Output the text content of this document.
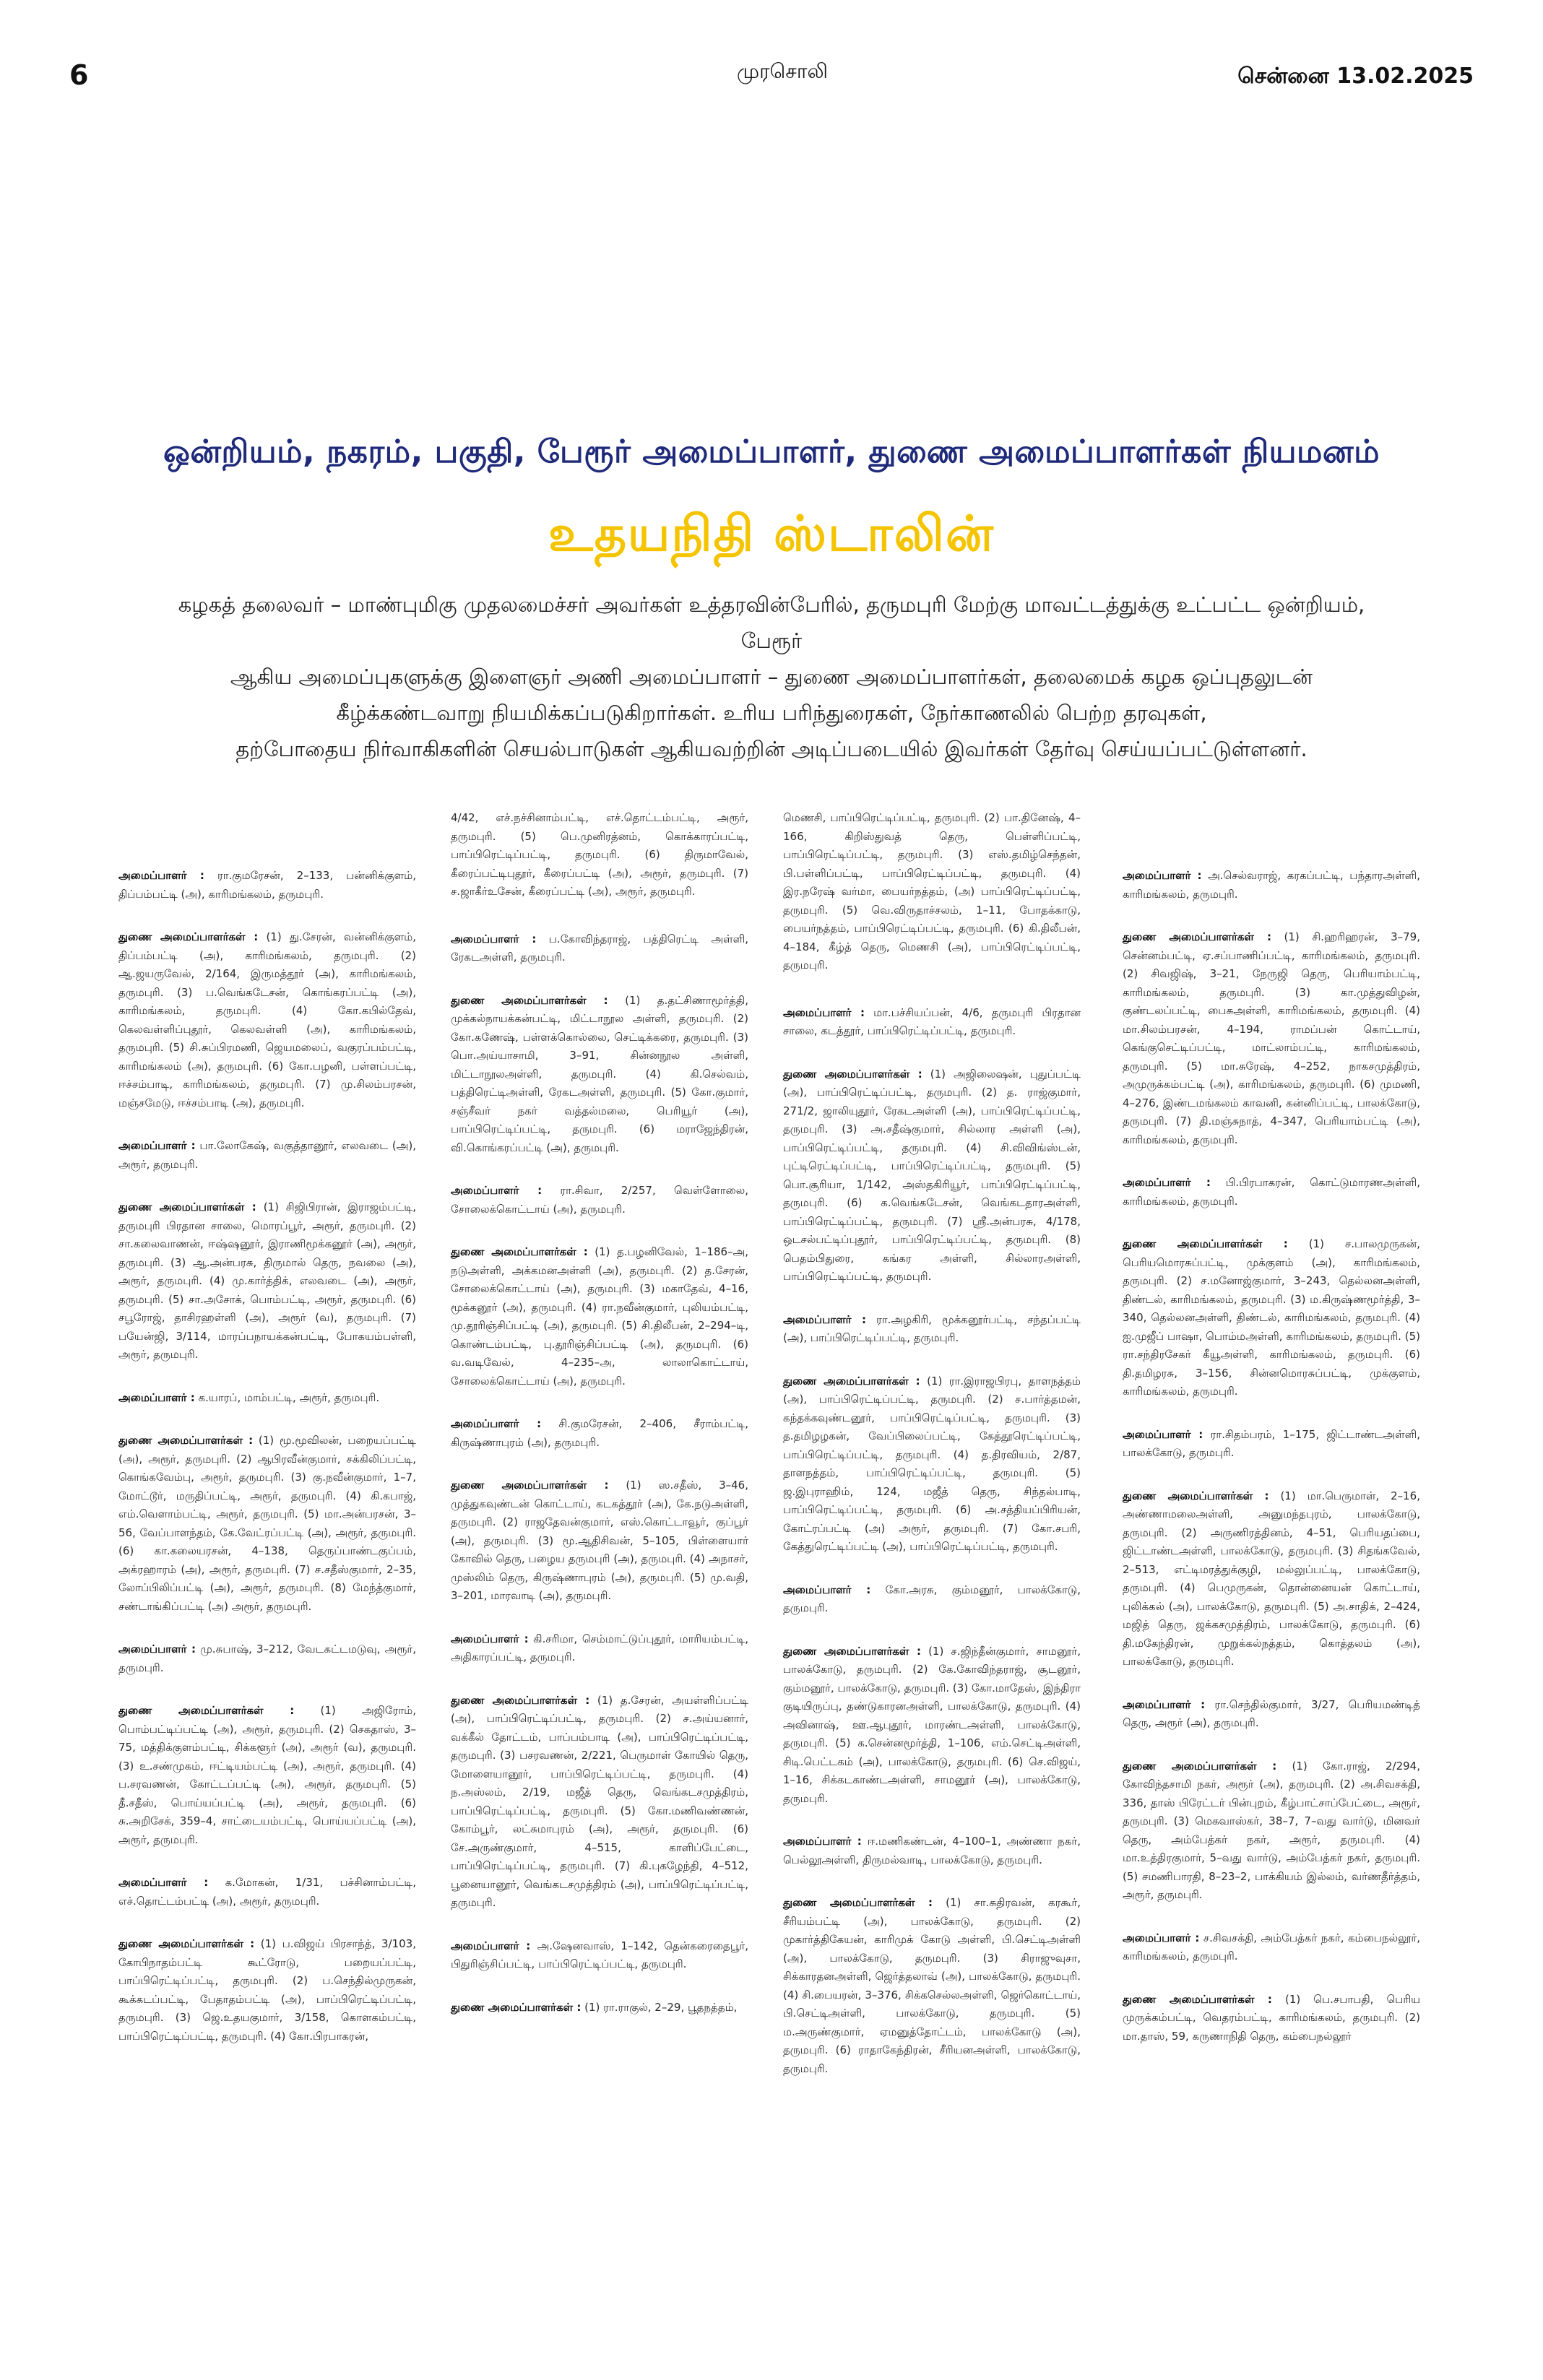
6	முரசொலி	சென்னை 13.02.2025
ஒன்றியம், நகரம், பகுதி, பேரூர் அமைப்பாளர், துணை அமைப்பாளர்கள் நியமனம்
உதயநிதி ஸ்டாலின்
கழகத் தலைவர் – மாண்புமிகு முதலமைச்சர் அவர்கள் உத்தரவின்பேரில், தருமபுரி மேற்கு மாவட்டத்துக்கு உட்பட்ட ஒன்றியம், பேரூர்
ஆகிய அமைப்புகளுக்கு இளைஞர் அணி அமைப்பாளர் – துணை அமைப்பாளர்கள், தலைமைக் கழக ஒப்புதலுடன்
கீழ்க்கண்டவாறு நியமிக்கப்படுகிறார்கள். உரிய பரிந்துரைகள், நேர்காணலில் பெற்ற தரவுகள்,
தற்போதைய நிர்வாகிகளின் செயல்பாடுகள் ஆகியவற்றின் அடிப்படையில் இவர்கள் தேர்வு செய்யப்பட்டுள்ளனர்.

அமைப்பாளர் : ரா.குமரேசன், 2–133, பன்னிக்குளம், திப்பம்பட்டி (அ), காரிமங்கலம், தருமபுரி.

துணை அமைப்பாளர்கள் : (1) து.சேரன், வன்னிக்குளம், திப்பம்பட்டி (அ), காரிமங்கலம், தருமபுரி. (2) ஆ.ஜயருவேல், 2/164, இருமத்தூர் (அ), காரிமங்கலம், தருமபுரி. (3) ப.வெங்கடேசன், கொங்கரப்பட்டி (அ), காரிமங்கலம், தருமபுரி. (4) கோ.கபில்தேவ், கெலவள்ளிப்புதூர், கெலவள்ளி (அ), காரிமங்கலம், தருமபுரி. (5) சி.சுப்பிரமணி, ஜெயமலைப், வகுரப்பம்பட்டி, காரிமங்கலம் (அ), தருமபுரி. (6) கோ.பழனி, பள்ளப்பட்டி, ஈச்சம்பாடி, காரிமங்கலம், தருமபுரி. (7) மு.சிலம்பரசன், மஞ்சமேடு, ஈச்சம்பாடி (அ), தருமபுரி.

அமைப்பாளர் : பா.லோகேஷ், வகுத்தானூர், எலவடை (அ), அரூர், தருமபுரி.

துணை அமைப்பாளர்கள் : (1) சிஜிபிரான், இராஜம்பட்டி, தருமபுரி பிரதான சாலை, மொரப்பூர், அரூர், தருமபுரி. (2) சா.கலைவாணன், ஈஷ்ஷனூர், இராணிமூக்கனூர் (அ), அரூர், தருமபுரி. (3) ஆ.அன்பரசு, திருமால் தெரு, நவலை (அ), அரூர், தருமபுரி. (4) மு.கார்த்திக், எலவடை (அ), அரூர், தருமபுரி. (5) சா.அசோக், பொம்பட்டி, அரூர், தருமபுரி. (6) சபூரோஜ், தாசிரஹள்ளி (அ), அரூர் (வ), தருமபுரி. (7) பயேன்ஜி, 3/114, மாரப்பநாயக்கன்பட்டி, போகயம்பள்ளி, அரூர், தருமபுரி.

அமைப்பாளர் : க.யாரப், மாம்பட்டி, அரூர், தருமபுரி.

துணை அமைப்பாளர்கள் : (1) மூ.மூவிலன், பறையப்பட்டி (அ), அரூர், தருமபுரி. (2) ஆபிரவீன்குமார், சக்கிலிப்பட்டி, கொங்கவேம்பு, அரூர், தருமபுரி. (3) கு.நவீன்குமார், 1–7, மோட்டூர், மருதிப்பட்டி, அரூர், தருமபுரி. (4) கி.கபாஜ், எம்.வெளாம்பட்டி, அரூர், தருமபுரி. (5) மா.அன்பரசன், 3–56, வேப்பாளந்தம், கே.வேட்ரப்பட்டி (அ), அரூர், தருமபுரி. (6) கா.கலையரசன், 4–138, தெருப்பாண்டகுப்பம், அக்ரஹாரம் (அ), அரூர், தருமபுரி. (7) ச.சதீஸ்குமார், 2–35, லோப்பிலிப்பட்டி (அ), அரூர், தருமபுரி. (8) மேந்த்குமார், சண்டாங்கிப்பட்டி (அ) அரூர், தருமபுரி.

அமைப்பாளர் : மு.சுபாஷ், 3–212, வேடகட்டமடுவு, அரூர், தருமபுரி.

துணை அமைப்பாளர்கள் : (1) அஜிரோம், பொம்பட்டிப்பட்டி (அ), அரூர், தருமபுரி. (2) செகதாஸ், 3–75, மத்திக்குளம்பட்டி, சிக்களூர் (அ), அரூர் (வ), தருமபுரி. (3) உ.சண்முகம், ஈட்டியம்பட்டி (அ), அரூர், தருமபுரி. (4) ப.சரவணன், கோட்டப்பட்டி (அ), அரூர், தருமபுரி. (5) தீ.சதீஸ், பொய்யப்பட்டி (அ), அரூர், தருமபுரி. (6) சு.அறிசேக், 359–4, சாட்டையம்பட்டி, பொய்யப்பட்டி (அ), அரூர், தருமபுரி.

அமைப்பாளர் : க.மோகன், 1/31, பச்சினாம்பட்டி, எச்.தொட்டம்பட்டி (அ), அரூர், தருமபுரி.

துணை அமைப்பாளர்கள் : (1) ப.விஜய் பிரசாந்த், 3/103, கோபிநாதம்பட்டி கூட்ரோடு, பறையப்பட்டி, பாப்பிரெட்டிப்பட்டி, தருமபுரி. (2) ப.செந்தில்முருகன், கூக்கடப்பட்டி, பேதாதம்பட்டி (அ), பாப்பிரெட்டிப்பட்டி, தருமபுரி. (3) ஜெ.உதயகுமார், 3/158, கொளகம்பட்டி, பாப்பிரெட்டிப்பட்டி, தருமபுரி. (4) கோ.பிரபாகரன்,

4/42, எச்.நச்சினாம்பட்டி, எச்.தொட்டம்பட்டி, அரூர், தருமபுரி. (5) பெ.முனிரத்னம், கொக்காரப்பட்டி, பாப்பிரெட்டிப்பட்டி, தருமபுரி. (6) திருமாவேல், கீரைப்பட்டிபுதூர், கீரைப்பட்டி (அ), அரூர், தருமபுரி. (7) ச.ஜாகீர்உசேன், கீரைப்பட்டி (அ), அரூர், தருமபுரி.

அமைப்பாளர் : ப.கோவிந்தராஜ், பத்திரெட்டி அள்ளி, ரேகடஅள்ளி, தருமபுரி.

துணை அமைப்பாளர்கள் : (1) த.தட்சிணாமூர்த்தி, முக்கல்நாயக்கன்பட்டி, மிட்டாநூல அள்ளி, தருமபுரி. (2) கோ.கணேஷ், பள்ளக்கொல்லை, செட்டிக்கரை, தருமபுரி. (3) பொ.அய்யாசாமி, 3–91, சின்னநூல அள்ளி, மிட்டாநூலஅள்ளி, தருமபுரி. (4) கி.செல்வம், பத்திரெட்டிஅள்ளி, ரேகடஅள்ளி, தருமபுரி. (5) கோ.குமார், சஞ்சீவர் நகர் வத்தல்மலை, பெரியூர் (அ), பாப்பிரெட்டிப்பட்டி, தருமபுரி. (6) மராஜேந்திரன், வி.கொங்கரப்பட்டி (அ), தருமபுரி.

அமைப்பாளர் : ரா.சிவா, 2/257, வெள்ளோலை, சோலைக்கொட்டாய் (அ), தருமபுரி.

துணை அமைப்பாளர்கள் : (1) த.பழனிவேல், 1–186–அ, நடுஅள்ளி, அக்கமனஅள்ளி (அ), தருமபுரி. (2) த.சேரன், சோலைக்கொட்டாய் (அ), தருமபுரி. (3) மகாதேவ், 4–16, மூக்கனூர் (அ), தருமபுரி. (4) ரா.நவீன்குமார், புலியம்பட்டி, மு.தூரிஞ்சிப்பட்டி (அ), தருமபுரி. (5) சி.திலீபன், 2–294–டி, கொண்டம்பட்டி, பு.தூரிஞ்சிப்பட்டி (அ), தருமபுரி. (6) வ.வடிவேல், 4–235–அ, லாலாகொட்டாய், சோலைக்கொட்டாய் (அ), தருமபுரி.

அமைப்பாளர் : சி.குமரேசன், 2–406, சீராம்பட்டி, கிருஷ்ணாபுரம் (அ), தருமபுரி.

துணை அமைப்பாளர்கள் : (1) ஸ.சதீஸ், 3–46, முத்துகவுண்டன் கொட்டாய், கடகத்தூர் (அ), கே.நடுஅள்ளி, தருமபுரி. (2) ராஜதேவன்குமார், எஸ்.கொட்டாவூர், குப்பூர் (அ), தருமபுரி. (3) மூ.ஆதிசிவன், 5–105, பிள்ளையார் கோவில் தெரு, பழைய தருமபுரி (அ), தருமபுரி. (4) அநாசர், முஸ்லிம் தெரு, கிருஷ்ணாபுரம் (அ), தருமபுரி. (5) மு.வதி, 3–201, மாரவாடி (அ), தருமபுரி.

அமைப்பாளர் : கி.சரிமா, செம்மாட்டுப்புதூர், மாரியம்பட்டி, அதிகாரப்பட்டி, தருமபுரி.

துணை அமைப்பாளர்கள் : (1) த.சேரன், அயள்ளிப்பட்டி (அ), பாப்பிரெட்டிப்பட்டி, தருமபுரி. (2) ச.அய்யனார், வக்கீல் தோட்டம், பாப்பம்பாடி (அ), பாப்பிரெட்டிப்பட்டி, தருமபுரி. (3) பசரவணன், 2/221, பெருமாள் கோயில் தெரு, மோளையானூர், பாப்பிரெட்டிப்பட்டி, தருமபுரி. (4) ந.அஸ்லம், 2/19, மஜீத் தெரு, வெங்கடசமுத்திரம், பாப்பிரெட்டிப்பட்டி, தருமபுரி. (5) கோ.மணிவண்ணன், கோம்பூர், லட்சுமாபுரம் (அ), அரூர், தருமபுரி. (6) சே.அருண்குமார், 4–515, காளிப்பேட்டை, பாப்பிரெட்டிப்பட்டி, தருமபுரி. (7) கி.புகழேந்தி, 4–512, பூனையானூர், வெங்கடசமுத்திரம் (அ), பாப்பிரெட்டிப்பட்டி, தருமபுரி.

அமைப்பாளர் : அ.ஷேனவாஸ், 1–142, தென்கரைதைபூர், பிதுரிஞ்சிப்பட்டி, பாப்பிரெட்டிப்பட்டி, தருமபுரி.

துணை அமைப்பாளர்கள் : (1) ரா.ராகுல், 2–29, பூதநத்தம்,

மெணசி, பாப்பிரெட்டிப்பட்டி, தருமபுரி. (2) பா.தினேஷ், 4–166, கிறிஸ்துவத் தெரு, பெள்ளிப்பட்டி, பாப்பிரெட்டிப்பட்டி, தருமபுரி. (3) எஸ்.தமிழ்செந்தன், பி.பள்ளிப்பட்டி, பாப்பிரெட்டிப்பட்டி, தருமபுரி. (4) இர.நரேஷ் வர்மா, பையர்நத்தம், (அ) பாப்பிரெட்டிப்பட்டி, தருமபுரி. (5) வெ.விருதாச்சலம், 1–11, போதக்காடு, பையர்நத்தம், பாப்பிரெட்டிப்பட்டி, தருமபுரி. (6) கி.திலீபன், 4–184, கீழ்த் தெரு, மெணசி (அ), பாப்பிரெட்டிப்பட்டி, தருமபுரி.

அமைப்பாளர் : மா.பச்சியப்பன், 4/6, தருமபுரி பிரதான சாலை, கடத்தூர், பாப்பிரெட்டிப்பட்டி, தருமபுரி.

துணை அமைப்பாளர்கள் : (1) அஜிலைஷன், புதுப்பட்டி (அ), பாப்பிரெட்டிப்பட்டி, தருமபுரி. (2) த. ராஜ்குமார், 271/2, ஜாலியுதூர், ரேகடஅள்ளி (அ), பாப்பிரெட்டிப்பட்டி, தருமபுரி. (3) அ.சதீஷ்குமார், சில்லார அள்ளி (அ), பாப்பிரெட்டிப்பட்டி, தருமபுரி. (4) சி.விவிங்ஸ்டன், புட்டிரெட்டிப்பட்டி, பாப்பிரெட்டிப்பட்டி, தருமபுரி. (5) பொ.சூரியா, 1/142, அஸ்தகிரியூர், பாப்பிரெட்டிப்பட்டி, தருமபுரி. (6) க.வெங்கடேசன், வெங்கடதாரஅள்ளி, பாப்பிரெட்டிப்பட்டி, தருமபுரி. (7) ஸ்ரீ.அன்பரசு, 4/178, ஒடசல்பட்டிப்புதூர், பாப்பிரெட்டிப்பட்டி, தருமபுரி. (8) பெதம்பிதுரை, கங்கர அள்ளி, சில்லாரஅள்ளி, பாப்பிரெட்டிப்பட்டி, தருமபுரி.

அமைப்பாளர் : ரா.அழகிரி, மூக்கனூர்பட்டி, சந்தப்பட்டி (அ), பாப்பிரெட்டிப்பட்டி, தருமபுரி.

துணை அமைப்பாளர்கள் : (1) ரா.இராஜபிரபு, தாளநத்தம் (அ), பாப்பிரெட்டிப்பட்டி, தருமபுரி. (2) ச.பார்த்தமன், கந்தக்கவுண்டனூர், பாப்பிரெட்டிப்பட்டி, தருமபுரி. (3) த.தமிழழகன், வேப்பிலைப்பட்டி, கேத்தூரெட்டிப்பட்டி, பாப்பிரெட்டிப்பட்டி, தருமபுரி. (4) த.திரவியம், 2/87, தாளநத்தம், பாப்பிரெட்டிப்பட்டி, தருமபுரி. (5) ஜ.இபுராஹிம், 124, மஜீத் தெரு, சிந்தல்பாடி, பாப்பிரெட்டிப்பட்டி, தருமபுரி. (6) அ.சத்தியப்பிரியன், கோட்ரப்பட்டி (அ) அரூர், தருமபுரி. (7) கோ.சபரி, கேத்துரெட்டிப்பட்டி (அ), பாப்பிரெட்டிப்பட்டி, தருமபுரி.

அமைப்பாளர் : கோ.அரசு, கும்மனூர், பாலக்கோடு, தருமபுரி.

துணை அமைப்பாளர்கள் : (1) ச.ஜிந்தீன்குமார், சாமனூர், பாலக்கோடு, தருமபுரி. (2) கே.கோவிந்தராஜ், சூடனூர், கும்மனூர், பாலக்கோடு, தருமபுரி. (3) கோ.மாதேஸ், இந்திரா குடியிருப்பு, தண்டுகாரனஅள்ளி, பாலக்கோடு, தருமபுரி. (4) அவினாஷ், ஊ.ஆபுதூர், மாரண்டஅள்ளி, பாலக்கோடு, தருமபுரி. (5) க.சென்னமூர்த்தி, 1–106, எம்.செட்டிஅள்ளி, சிடி.பெட்டகம் (அ), பாலக்கோடு, தருமபுரி. (6) செ.விஜய், 1–16, சிக்கடகாண்டஅள்ளி, சாமனூர் (அ), பாலக்கோடு, தருமபுரி.

அமைப்பாளர் : ஈ.மணிகண்டன், 4–100–1, அண்ணா நகர், பெல்லூஅள்ளி, திருமல்வாடி, பாலக்கோடு, தருமபுரி.

துணை அமைப்பாளர்கள் : (1) சா.சுதிரவன், கரகூர், சீரியம்பட்டி (அ), பாலக்கோடு, தருமபுரி. (2) முகார்த்திகேயன், காரிமுக் கோடு அள்ளி, பி.செட்டிஅள்ளி (அ), பாலக்கோடு, தருமபுரி. (3) சிராஜுவுசா, சிக்காரதனஅள்ளி, ஜெர்த்தலாவ் (அ), பாலக்கோடு, தருமபுரி. (4) சி.பையரன், 3–376, சிக்கசெல்லஅள்ளி, ஜெர்கொட்டாய், பி.செட்டிஅள்ளி, பாலக்கோடு, தருமபுரி. (5) ம.அருண்குமார், ஏமனுத்தோட்டம், பாலக்கோடு (அ), தருமபுரி. (6) ராதாகேந்திரன், சீரியனஅள்ளி, பாலக்கோடு, தருமபுரி.

அமைப்பாளர் : அ.செல்வராஜ், கரகப்பட்டி, பந்தாரஅள்ளி, காரிமங்கலம், தருமபுரி.

துணை அமைப்பாளர்கள் : (1) சி.ஹரிஹரன், 3–79, சென்னம்பட்டி, ஏ.சப்பாணிப்பட்டி, காரிமங்கலம், தருமபுரி. (2) சிவஜிஷ், 3–21, நேருஜி தெரு, பெரியாம்பட்டி, காரிமங்கலம், தருமபுரி. (3) கா.முத்துவிழன், குண்டலப்பட்டி, பைசுஅள்ளி, காரிமங்கலம், தருமபுரி. (4) மா.சிலம்பரசன், 4–194, ராமப்பன் கொட்டாய், கெங்குசெட்டிப்பட்டி, மாட்லாம்பட்டி, காரிமங்கலம், தருமபுரி. (5) மா.சுரேஷ், 4–252, நாகசமுத்திரம், அமுருக்கம்பட்டி (அ), காரிமங்கலம், தருமபுரி. (6) முமணி, 4–276, இண்டமங்கலம் காவனி, கன்னிப்பட்டி, பாலக்கோடு, தருமபுரி. (7) தி.மஞ்சுநாத், 4–347, பெரியாம்பட்டி (அ), காரிமங்கலம், தருமபுரி.

அமைப்பாளர் : பி.பிரபாகரன், கொட்டுமாரணஅள்ளி, காரிமங்கலம், தருமபுரி.

துணை அமைப்பாளர்கள் : (1) ச.பாலமுருகன், பெரியமொரசுப்பட்டி, முக்குளம் (அ), காரிமங்கலம், தருமபுரி. (2) ச.மனோஜ்குமார், 3–243, தெல்லனஅள்ளி, திண்டல், காரிமங்கலம், தருமபுரி. (3) ம.கிருஷ்ணமூர்த்தி, 3–340, தெல்லனஅள்ளி, திண்டல், காரிமங்கலம், தருமபுரி. (4) ஐ.முஜீப் பாஷா, பொம்மஅள்ளி, காரிமங்கலம், தருமபுரி. (5) ரா.சந்திரசேகர் கீயூஅள்ளி, காரிமங்கலம், தருமபுரி. (6) தி.தமிழரசு, 3–156, சின்னமொரசுப்பட்டி, முக்குளம், காரிமங்கலம், தருமபுரி.

அமைப்பாளர் : ரா.சிதம்பரம், 1–175, ஜிட்டாண்டஅள்ளி, பாலக்கோடு, தருமபுரி.

துணை அமைப்பாளர்கள் : (1) மா.பெருமாள், 2–16, அண்ணாமலைஅள்ளி, அனுமந்தபுரம், பாலக்கோடு, தருமபுரி. (2) அருணிரத்தினம், 4–51, பெரியதப்பை, ஜிட்டாண்டஅள்ளி, பாலக்கோடு, தருமபுரி. (3) சிதங்கவேல், 2–513, எட்டிமரத்துக்குழி, மல்லுப்பட்டி, பாலக்கோடு, தருமபுரி. (4) பெமுருகன், தொன்னையன் கொட்டாய், புலிக்கல் (அ), பாலக்கோடு, தருமபுரி. (5) அ.சாதிக், 2–424, மஜித் தெரு, ஜக்கசமுத்திரம், பாலக்கோடு, தருமபுரி. (6) தி.மகேந்திரன், முறுக்கல்நத்தம், கொத்தலம் (அ), பாலக்கோடு, தருமபுரி.

அமைப்பாளர் : ரா.செந்தில்குமார், 3/27, பெரியமண்டித் தெரு, அரூர் (அ), தருமபுரி.

துணை அமைப்பாளர்கள் : (1) கோ.ராஜ், 2/294, கோவிந்தசாமி நகர், அரூர் (அ), தருமபுரி. (2) அ.சிவசக்தி, 336, தாஸ் பிரேட்டர் பின்புறம், கீழ்பாட்சாப்பேட்டை, அரூர், தருமபுரி. (3) மெகவாஸ்கர், 38–7, 7–வது வார்டு, மினவர் தெரு, அம்பேத்கர் நகர், அரூர், தருமபுரி. (4) மா.உத்திரகுமார், 5–வது வார்டு, அம்பேத்கர் நகர், தருமபுரி. (5) சமணிபாரதி, 8–23–2, பாக்கியம் இல்லம், வர்ணதீர்த்தம், அரூர், தருமபுரி.

அமைப்பாளர் : ச.சிவசக்தி, அம்பேத்கர் நகர், கம்பைநல்லூர், காரிமங்கலம், தருமபுரி.

துணை அமைப்பாளர்கள் : (1) பெ.சபாபதி, பெரிய முருக்கம்பட்டி, வெதரம்பட்டி, காரிமங்கலம், தருமபுரி. (2) மா.தாஸ், 59, கருணாநிதி தெரு, கம்பைநல்லூர்
